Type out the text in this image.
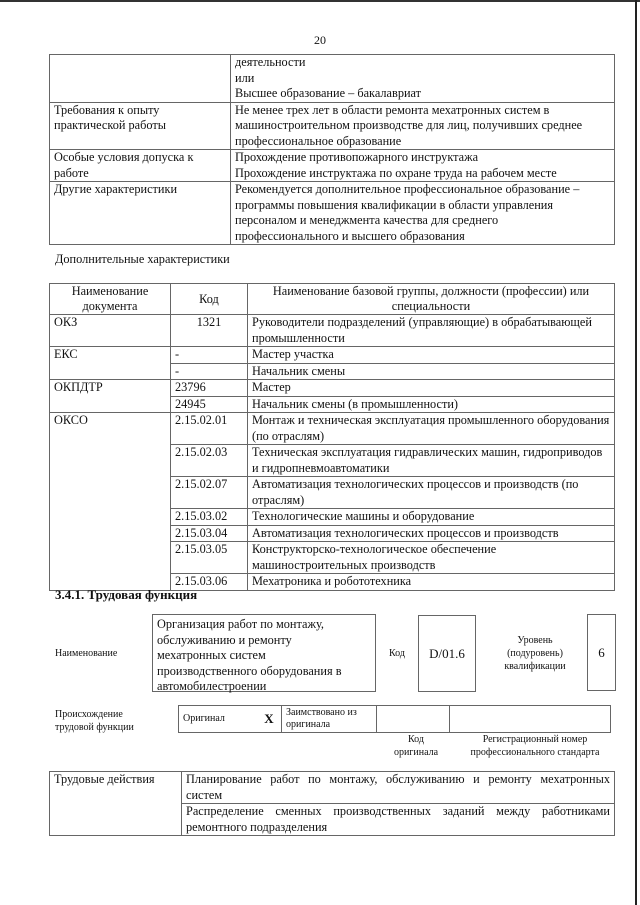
20

	деятельности
или
Высшее образование – бакалавриат

Требования к опыту
практической работы	Не менее трех лет в области ремонта мехатронных систем в
машиностроительном производстве для лиц, получивших среднее
профессиональное образование

Особые условия допуска к
работе	Прохождение противопожарного инструктажа
Прохождение инструктажа по охране труда на рабочем месте

Другие характеристики	Рекомендуется дополнительное профессиональное образование –
программы повышения квалификации в области управления
персоналом и менеджмента качества для среднего
профессионального и высшего образования
Дополнительные характеристики
Наименование документа	Код	Наименование базовой группы, должности (профессии) или специальности
ОКЗ	1321	Руководители подразделений (управляющие) в обрабатывающей промышленности
ЕКС	-	Мастер участка
	-	Начальник смены
ОКПДТР	23796	Мастер
	24945	Начальник смены (в промышленности)
ОКСО	2.15.02.01	Монтаж и техническая эксплуатация промышленного оборудования (по отраслям)
	2.15.02.03	Техническая эксплуатация гидравлических машин, гидроприводов и гидропневмоавтоматики
	2.15.02.07	Автоматизация технологических процессов и производств (по отраслям)
	2.15.03.02	Технологические машины и оборудование
	2.15.03.04	Автоматизация технологических процессов и производств
	2.15.03.05	Конструкторско-технологическое обеспечение машиностроительных производств
	2.15.03.06	Мехатроника и робототехника
3.4.1. Трудовая функция
Наименование
Организация работ по монтажу,
обслуживанию и ремонту
мехатронных систем
производственного оборудования в
автомобилестроении
Код	D/01.6
Уровень
(подуровень)
квалификации
6
Происхождение
трудовой функции
Оригинал	X	Заимствовано из
оригинала

Код
оригинала
Регистрационный номер
профессионального стандарта
Трудовые действия	Планирование работ по монтажу, обслуживанию и ремонту мехатронных систем
Распределение сменных производственных заданий между работниками ремонтного подразделения
